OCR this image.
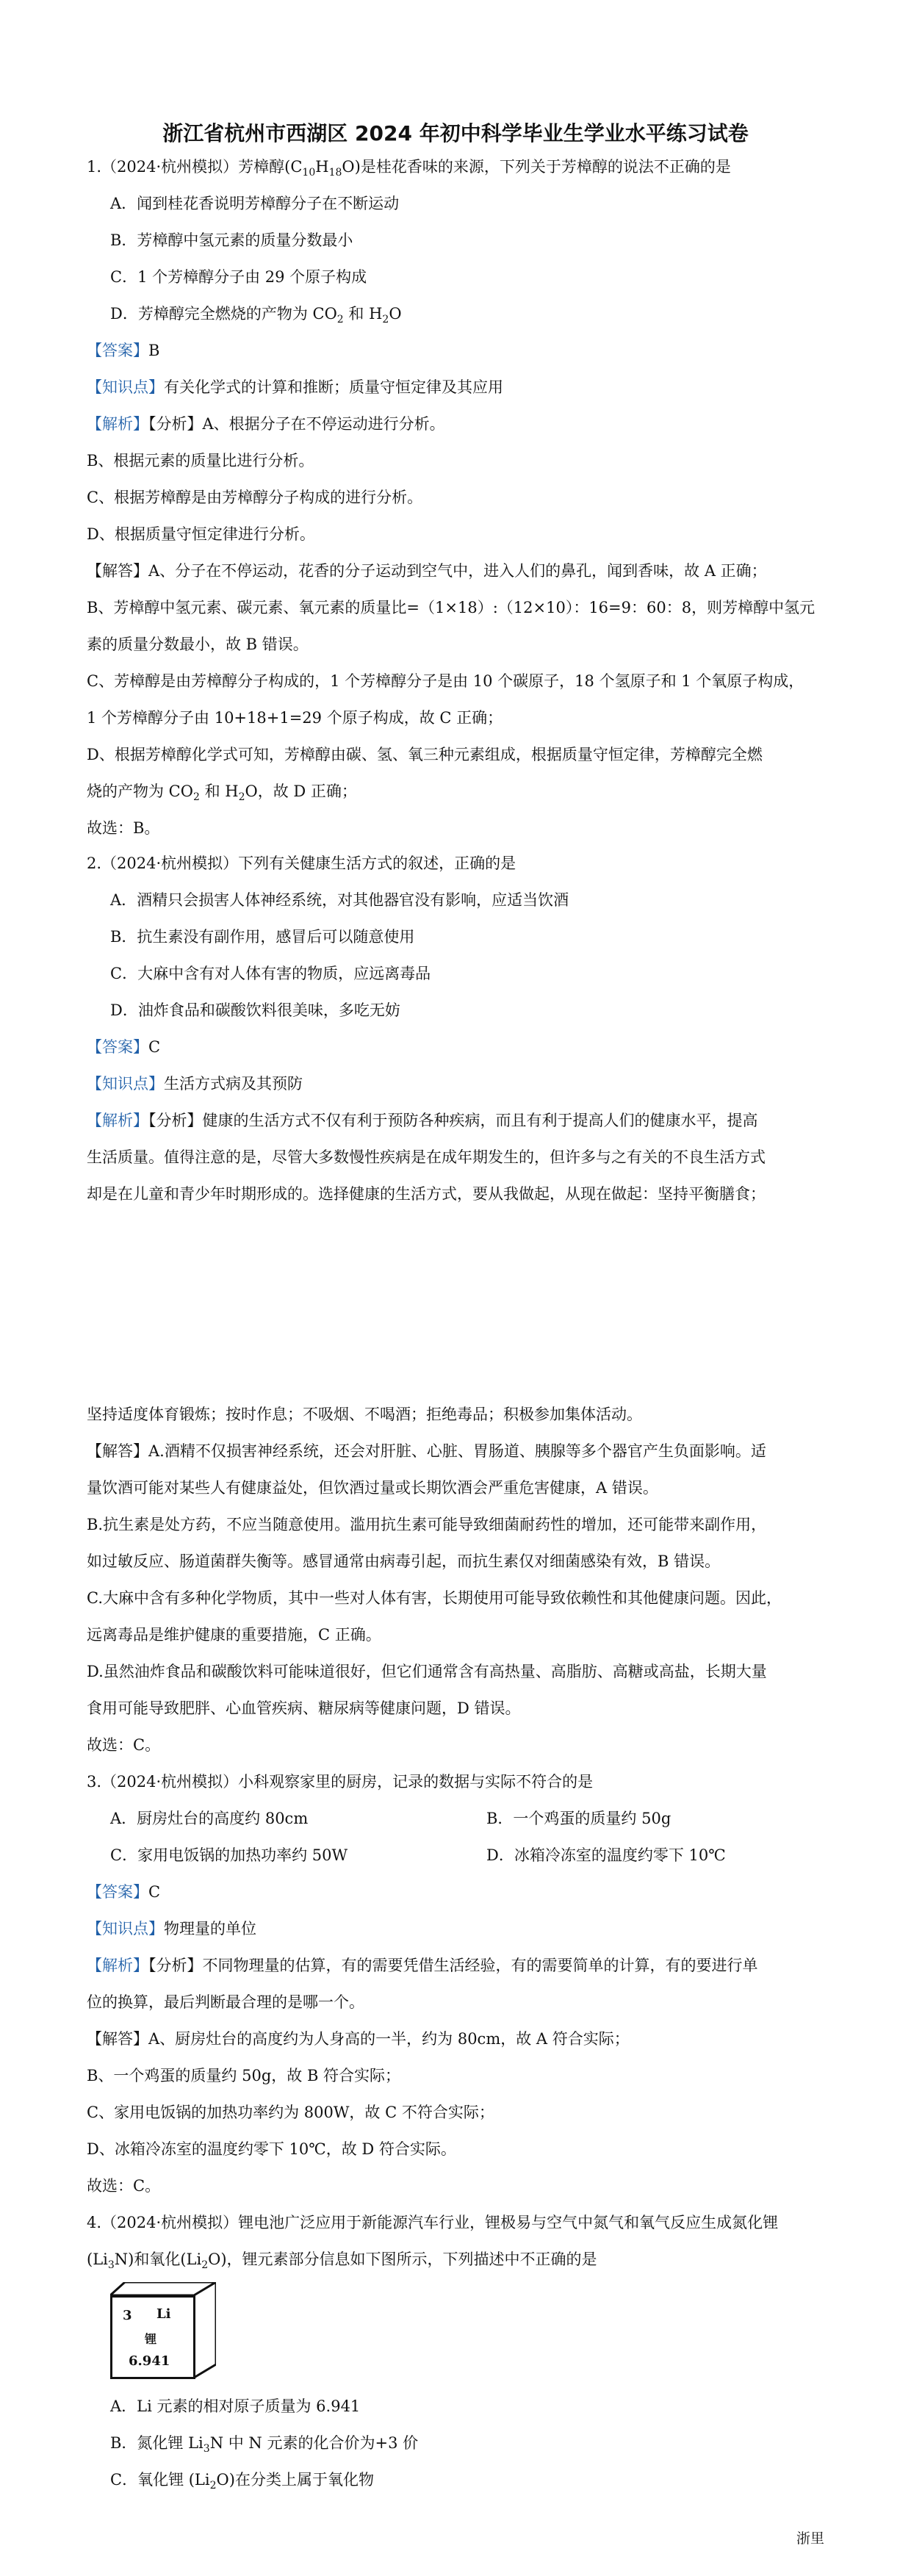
浙江省杭州市西湖区 2024 年初中科学毕业生学业水平练习试卷
1.（2024·杭州模拟）芳樟醇$(C_{10}H_{18}O)$是桂花香味的来源，下列关于芳樟醇的说法不正确的是
A．闻到桂花香说明芳樟醇分子在不断运动
B．芳樟醇中氢元素的质量分数最小
C．1 个芳樟醇分子由 29 个原子构成
D．芳樟醇完全燃烧的产物为 $CO_2$ 和 $H_2O$
【答案】B
【知识点】有关化学式的计算和推断；质量守恒定律及其应用
【解析】【分析】A、根据分子在不停运动进行分析。
B、根据元素的质量比进行分析。
C、根据芳樟醇是由芳樟醇分子构成的进行分析。
D、根据质量守恒定律进行分析。
【解答】A、分子在不停运动，花香的分子运动到空气中，进入人们的鼻孔，闻到香味，故 A 正确；
B、芳樟醇中氢元素、碳元素、氧元素的质量比=（1×18）:（12×10）：16=9：60：8，则芳樟醇中氢元
素的质量分数最小，故 B 错误。
C、芳樟醇是由芳樟醇分子构成的，1 个芳樟醇分子是由 10 个碳原子，18 个氢原子和 1 个氧原子构成，
1 个芳樟醇分子由 10+18+1=29 个原子构成，故 C 正确；
D、根据芳樟醇化学式可知，芳樟醇由碳、氢、氧三种元素组成，根据质量守恒定律，芳樟醇完全燃
烧的产物为 $CO_2$ 和 $H_2O$，故 D 正确；
故选：B。
2.（2024·杭州模拟）下列有关健康生活方式的叙述，正确的是
A．酒精只会损害人体神经系统，对其他器官没有影响，应适当饮酒
B．抗生素没有副作用，感冒后可以随意使用
C．大麻中含有对人体有害的物质，应远离毒品
D．油炸食品和碳酸饮料很美味，多吃无妨
【答案】C
【知识点】生活方式病及其预防
【解析】【分析】健康的生活方式不仅有利于预防各种疾病，而且有利于提高人们的健康水平，提高
生活质量。值得注意的是，尽管大多数慢性疾病是在成年期发生的，但许多与之有关的不良生活方式
却是在儿童和青少年时期形成的。选择健康的生活方式，要从我做起，从现在做起：坚持平衡膳食；
坚持适度体育锻炼；按时作息；不吸烟、不喝酒；拒绝毒品；积极参加集体活动。
【解答】A.酒精不仅损害神经系统，还会对肝脏、心脏、胃肠道、胰腺等多个器官产生负面影响。适
量饮酒可能对某些人有健康益处，但饮酒过量或长期饮酒会严重危害健康，A 错误。
B.抗生素是处方药，不应当随意使用。滥用抗生素可能导致细菌耐药性的增加，还可能带来副作用，
如过敏反应、肠道菌群失衡等。感冒通常由病毒引起，而抗生素仅对细菌感染有效，B 错误。
C.大麻中含有多种化学物质，其中一些对人体有害，长期使用可能导致依赖性和其他健康问题。因此，
远离毒品是维护健康的重要措施，C 正确。
D.虽然油炸食品和碳酸饮料可能味道很好，但它们通常含有高热量、高脂肪、高糖或高盐，长期大量
食用可能导致肥胖、心血管疾病、糖尿病等健康问题，D 错误。
故选：C。
3.（2024·杭州模拟）小科观察家里的厨房，记录的数据与实际不符合的是
A．厨房灶台的高度约 80cm	B．一个鸡蛋的质量约 50g
C．家用电饭锅的加热功率约 50W	D．冰箱冷冻室的温度约零下 10℃
【答案】C
【知识点】物理量的单位
【解析】【分析】不同物理量的估算，有的需要凭借生活经验，有的需要简单的计算，有的要进行单
位的换算，最后判断最合理的是哪一个。
【解答】A、厨房灶台的高度约为人身高的一半，约为 80cm，故 A 符合实际；
B、一个鸡蛋的质量约 50g，故 B 符合实际；
C、家用电饭锅的加热功率约为 800W，故 C 不符合实际；
D、冰箱冷冻室的温度约零下 10℃，故 D 符合实际。
故选：C。
4.（2024·杭州模拟）锂电池广泛应用于新能源汽车行业，锂极易与空气中氮气和氧气反应生成氮化锂
$(Li_3N)$和氧化$(Li_2O)$，锂元素部分信息如下图所示，下列描述中不正确的是
3 Li
锂
6.941
A．Li 元素的相对原子质量为 6.941
B．氮化锂 $Li_3N$ 中 N 元素的化合价为+3 价
C．氧化锂 $(Li_2O)$在分类上属于氧化物
浙里
